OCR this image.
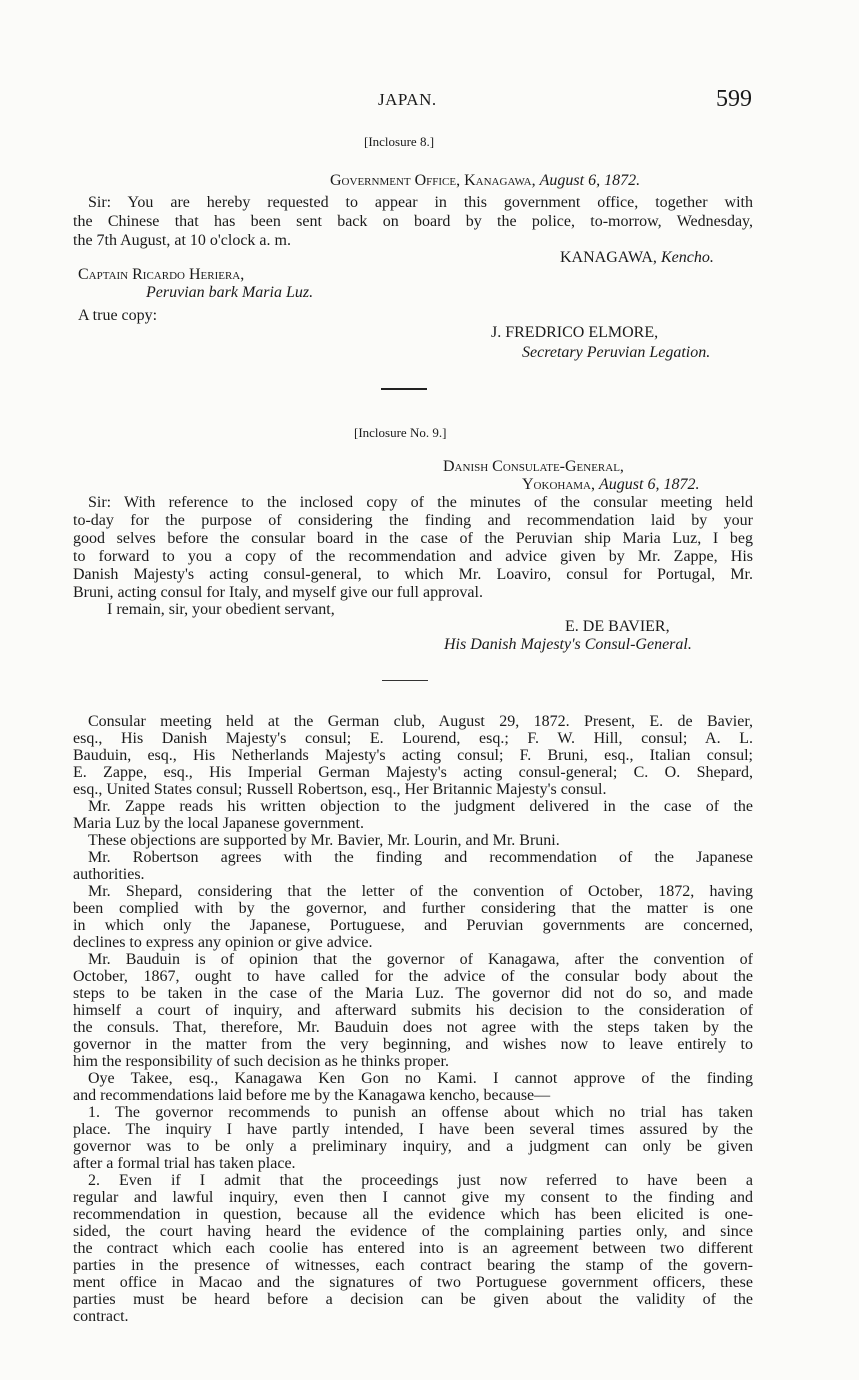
JAPAN.	599
[Inclosure 8.]
Government Office, Kanagawa, August 6, 1872.
Sir: You are hereby requested to appear in this government office, together with
the Chinese that has been sent back on board by the police, to-morrow, Wednesday,
the 7th August, at 10 o'clock a. m.
KANAGAWA, Kencho.
Captain Ricardo Heriera,
Peruvian bark Maria Luz.
A true copy:
J. FREDRICO ELMORE,
Secretary Peruvian Legation.
[Inclosure No. 9.]
Danish Consulate-General,
Yokohama, August 6, 1872.
Sir: With reference to the inclosed copy of the minutes of the consular meeting held
to-day for the purpose of considering the finding and recommendation laid by your
good selves before the consular board in the case of the Peruvian ship Maria Luz, I beg
to forward to you a copy of the recommendation and advice given by Mr. Zappe, His
Danish Majesty's acting consul-general, to which Mr. Loaviro, consul for Portugal, Mr.
Bruni, acting consul for Italy, and myself give our full approval.
I remain, sir, your obedient servant,
E. DE BAVIER,
His Danish Majesty's Consul-General.
Consular meeting held at the German club, August 29, 1872. Present, E. de Bavier,
esq., His Danish Majesty's consul; E. Lourend, esq.; F. W. Hill, consul; A. L.
Bauduin, esq., His Netherlands Majesty's acting consul; F. Bruni, esq., Italian consul;
E. Zappe, esq., His Imperial German Majesty's acting consul-general; C. O. Shepard,
esq., United States consul; Russell Robertson, esq., Her Britannic Majesty's consul.
Mr. Zappe reads his written objection to the judgment delivered in the case of the
Maria Luz by the local Japanese government.
These objections are supported by Mr. Bavier, Mr. Lourin, and Mr. Bruni.
Mr. Robertson agrees with the finding and recommendation of the Japanese
authorities.
Mr. Shepard, considering that the letter of the convention of October, 1872, having
been complied with by the governor, and further considering that the matter is one
in which only the Japanese, Portuguese, and Peruvian governments are concerned,
declines to express any opinion or give advice.
Mr. Bauduin is of opinion that the governor of Kanagawa, after the convention of
October, 1867, ought to have called for the advice of the consular body about the
steps to be taken in the case of the Maria Luz. The governor did not do so, and made
himself a court of inquiry, and afterward submits his decision to the consideration of
the consuls. That, therefore, Mr. Bauduin does not agree with the steps taken by the
governor in the matter from the very beginning, and wishes now to leave entirely to
him the responsibility of such decision as he thinks proper.
Oye Takee, esq., Kanagawa Ken Gon no Kami. I cannot approve of the finding
and recommendations laid before me by the Kanagawa kencho, because—
1. The governor recommends to punish an offense about which no trial has taken
place. The inquiry I have partly intended, I have been several times assured by the
governor was to be only a preliminary inquiry, and a judgment can only be given
after a formal trial has taken place.
2. Even if I admit that the proceedings just now referred to have been a
regular and lawful inquiry, even then I cannot give my consent to the finding and
recommendation in question, because all the evidence which has been elicited is one-
sided, the court having heard the evidence of the complaining parties only, and since
the contract which each coolie has entered into is an agreement between two different
parties in the presence of witnesses, each contract bearing the stamp of the govern-
ment office in Macao and the signatures of two Portuguese government officers, these
parties must be heard before a decision can be given about the validity of the
contract.
